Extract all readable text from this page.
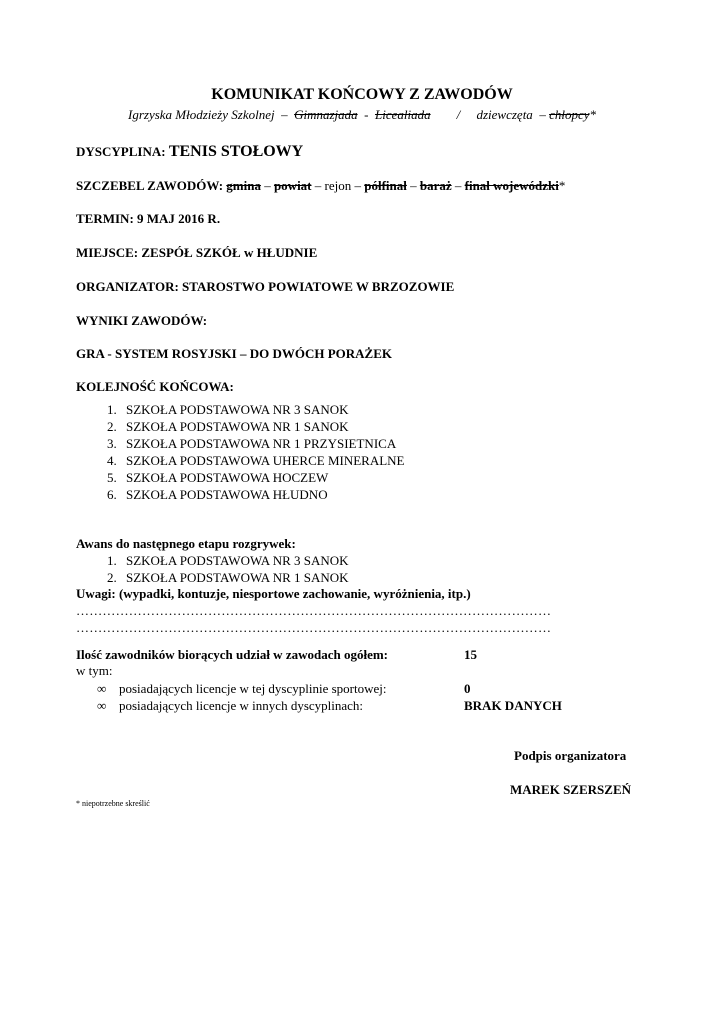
KOMUNIKAT KOŃCOWY Z ZAWODÓW
Igrzyska Młodzieży Szkolnej – Gimnazjada - Licealiada / dziewczęta – chłopcy*
DYSCYPLINA: TENIS STOŁOWY
SZCZEBEL ZAWODÓW: gmina – powiat – rejon – półfinał – baraż – finał wojewódzki*
TERMIN: 9 MAJ 2016 R.
MIEJSCE: ZESPÓŁ SZKÓŁ w HŁUDNIE
ORGANIZATOR: STAROSTWO POWIATOWE W BRZOZOWIE
WYNIKI ZAWODÓW:
GRA - SYSTEM ROSYJSKI – DO DWÓCH PORAŻEK
KOLEJNOŚĆ KOŃCOWA:
1. SZKOŁA PODSTAWOWA NR 3 SANOK
2. SZKOŁA PODSTAWOWA NR 1 SANOK
3. SZKOŁA PODSTAWOWA NR 1 PRZYSIETNICA
4. SZKOŁA PODSTAWOWA UHERCE MINERALNE
5. SZKOŁA PODSTAWOWA HOCZEW
6. SZKOŁA PODSTAWOWA HŁUDNO
Awans do następnego etapu rozgrywek:
1. SZKOŁA PODSTAWOWA NR 3 SANOK
2. SZKOŁA PODSTAWOWA NR 1 SANOK
Uwagi: (wypadki, kontuzje, niesportowe zachowanie, wyróżnienia, itp.)
………………………………………………………………………………………………
………………………………………………………………………………………………
Ilość zawodników biorących udział w zawodach ogółem:	15
w tym:
∞ posiadających licencje w tej dyscyplinie sportowej:	0
∞ posiadających licencje w innych dyscyplinach:	BRAK DANYCH
Podpis organizatora
MAREK SZERSZEŃ
* niepotrzebne skreślić
